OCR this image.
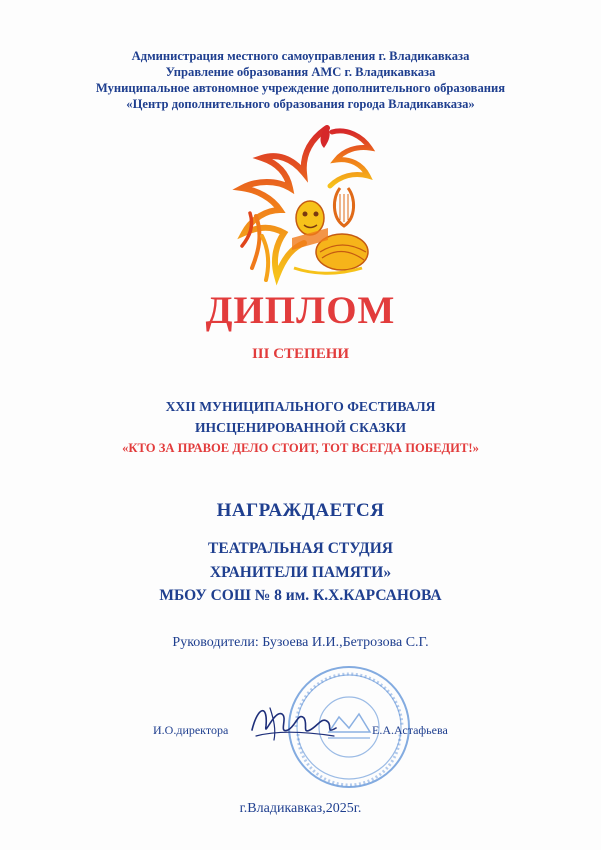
Администрация местного самоуправления г. Владикавказа
Управление образования АМС г. Владикавказа
Муниципальное автономное учреждение дополнительного образования
«Центр дополнительного образования города Владикавказа»
ДИПЛОМ
III СТЕПЕНИ
XXII МУНИЦИПАЛЬНОГО ФЕСТИВАЛЯ
ИНСЦЕНИРОВАННОЙ СКАЗКИ
«КТО ЗА ПРАВОЕ ДЕЛО СТОИТ, ТОТ ВСЕГДА ПОБЕДИТ!»
НАГРАЖДАЕТСЯ
ТЕАТРАЛЬНАЯ СТУДИЯ
ХРАНИТЕЛИ ПАМЯТИ»
МБОУ СОШ № 8 им. К.Х.КАРСАНОВА
Руководители: Бузоева И.И.,Бетрозова С.Г.
И.О.директора	Е.А.Астафьева
г.Владикавказ,2025г.
